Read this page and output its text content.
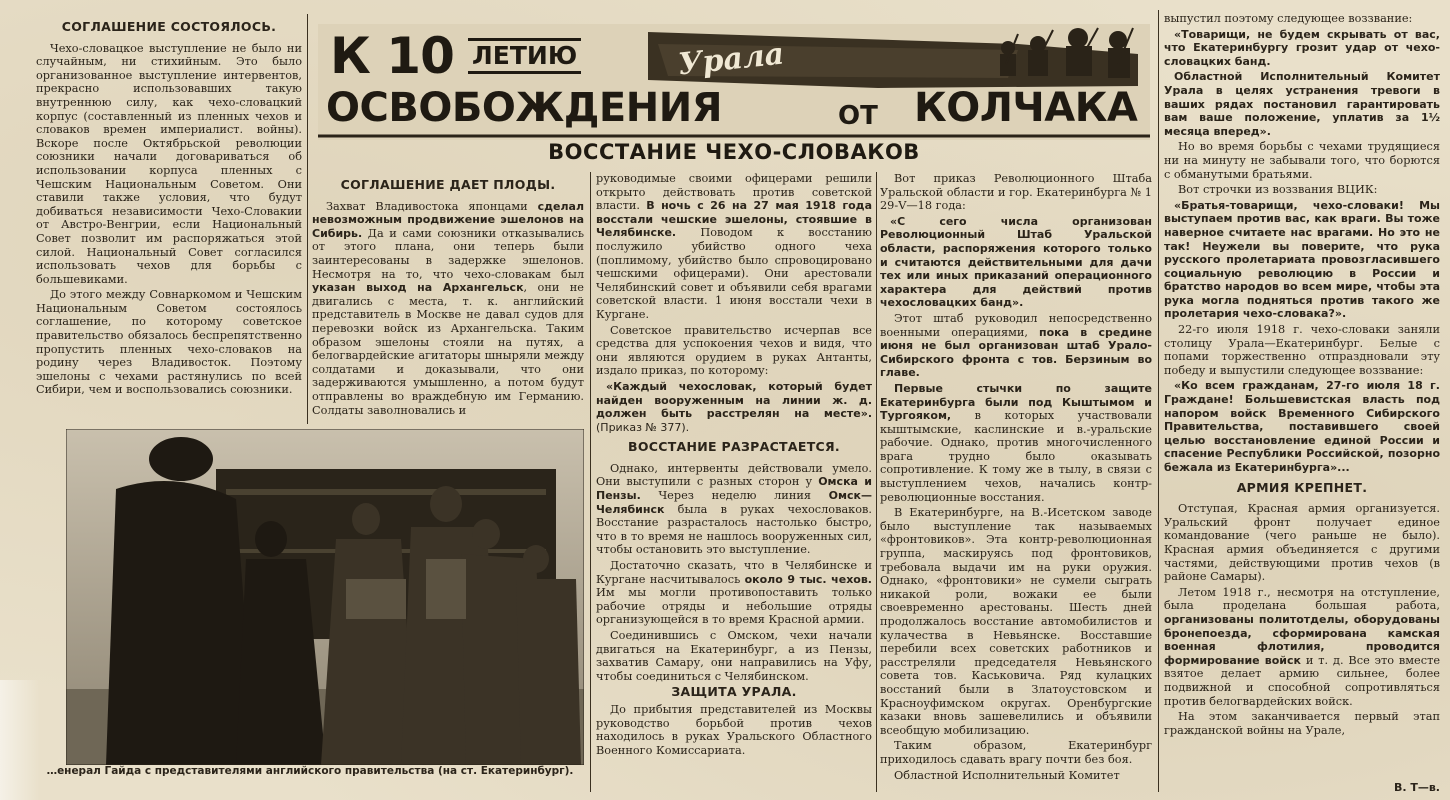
СОГЛАШЕНИЕ СОСТОЯЛОСЬ.

Чехо-словацкое выступление не было ни случайным, ни стихийным. Это было организованное выступление интервентов, прекрасно использовавших такую внутреннюю силу, как чехо-словацкий корпус (составленный из пленных чехов и словаков времен империалист. войны). Вскоре после Октябрьской революции союзники начали договариваться об использовании корпуса пленных с Чешским Национальным Советом. Они ставили также условия, что будут добиваться независимости Чехо-Словакии от Австро-Венгрии, если Национальный Совет позволит им распоряжаться этой силой. Национальный Совет согласился использовать чехов для борьбы с большевиками.

До этого между Совнаркомом и Чешским Национальным Советом состоялось соглашение, по которому советское правительство обязалось беспрепятственно пропустить пленных чехо-словаков на родину через Владивосток. Поэтому эшелоны с чехами растянулись по всей Сибири, чем и воспользовались союзники.

К 10 ЛЕТИЮ	Урала
ОСВОБОЖДЕНИЯ	ОТ КОЛЧАКА
ВОССТАНИЕ ЧЕХО-СЛОВАКОВ
СОГЛАШЕНИЕ ДАЕТ ПЛОДЫ.

Захват Владивостока японцами сделал невозможным продвижение эшелонов на Сибирь. Да и сами союзники отказывались от этого плана, они теперь были заинтересованы в задержке эшелонов. Несмотря на то, что чехо-словакам был указан выход на Архангельск, они не двигались с места, т. к. английский представитель в Москве не давал судов для перевозки войск из Архангельска. Таким образом эшелоны стояли на путях, а белогвардейские агитаторы шныряли между солдатами и доказывали, что они задерживаются умышленно, а потом будут отправлены во враждебную им Германию. Солдаты заволновались и

руководимые своими офицерами решили открыто действовать против советской власти. В ночь с 26 на 27 мая 1918 года восстали чешские эшелоны, стоявшие в Челябинске. Поводом к восстанию послужило убийство одного чеха (поплимому, убийство было спровоцировано чешскими офицерами). Они арестовали Челябинский совет и объявили себя врагами советской власти. 1 июня восстали чехи в Кургане.

Советское правительство исчерпав все средства для успокоения чехов и видя, что они являются орудием в руках Антанты, издало приказ, по которому:

«Каждый чехословак, который будет найден вооруженным на линии ж. д. должен быть расстрелян на месте». (Приказ № 377).

ВОССТАНИЕ РАЗРАСТАЕТСЯ.

Однако, интервенты действовали умело. Они выступили с разных сторон у Омска и Пензы. Через неделю линия Омск—Челябинск была в руках чехословаков. Восстание разрасталось настолько быстро, что в то время не нашлось вооруженных сил, чтобы остановить это выступление.

Достаточно сказать, что в Челябинске и Кургане насчитывалось около 9 тыс. чехов. Им мы могли противопоставить только рабочие отряды и небольшие отряды организующейся в то время Красной армии.

Соединившись с Омском, чехи начали двигаться на Екатеринбург, а из Пензы, захватив Самару, они направились на Уфу, чтобы соединиться с Челябинском.

ЗАЩИТА УРАЛА.

До прибытия представителей из Москвы руководство борьбой против чехов находилось в руках Уральского Областного Военного Комиссариата.

Вот приказ Революционного Штаба Уральской области и гор. Екатеринбурга № 1 29-V—18 года:

«С сего числа организован Революционный Штаб Уральской области, распоряжения которого только и считаются действительными для дачи тех или иных приказаний операционного характера для действий против чехословацких банд».

Этот штаб руководил непосредственно военными операциями, пока в средине июня не был организован штаб Урало-Сибирского фронта с тов. Берзиным во главе.

Первые стычки по защите Екатеринбурга были под Кыштымом и Тургояком, в которых участвовали кыштымские, каслинские и в.-уральские рабочие. Однако, против многочисленного врага трудно было оказывать сопротивление. К тому же в тылу, в связи с выступлением чехов, начались контр-революционные восстания.

В Екатеринбурге, на В.-Исетском заводе было выступление так называемых «фронтовиков». Эта контр-революционная группа, маскируясь под фронтовиков, требовала выдачи им на руки оружия. Однако, «фронтовики» не сумели сыграть никакой роли, вожаки ее были своевременно арестованы. Шесть дней продолжалось восстание автомобилистов и кулачества в Невьянске. Восставшие перебили всех советских работников и расстреляли председателя Невьянского совета тов. Каськовича. Ряд кулацких восстаний были в Златоустовском и Красноуфимском округах. Оренбургские казаки вновь зашевелились и объявили всеобщую мобилизацию.

Таким образом, Екатеринбург приходилось сдавать врагу почти без боя.

Областной Исполнительный Комитет

выпустил поэтому следующее воззвание:

«Товарищи, не будем скрывать от вас, что Екатеринбургу грозит удар от чехо-словацких банд.

Областной Исполнительный Комитет Урала в целях устранения тревоги в ваших рядах постановил гарантировать вам ваше положение, уплатив за 1½ месяца вперед».

Но во время борьбы с чехами трудящиеся ни на минуту не забывали того, что борются с обманутыми братьями.

Вот строчки из воззвания ВЦИК:

«Братья-товарищи, чехо-словаки! Мы выступаем против вас, как враги. Вы тоже наверное считаете нас врагами. Но это не так! Неужели вы поверите, что рука русского пролетариата провозгласившего социальную революцию в России и братство народов во всем мире, чтобы эта рука могла подняться против такого же пролетария чехо-словака?».

22-го июля 1918 г. чехо-словаки заняли столицу Урала—Екатеринбург. Белые с попами торжественно отпраздновали эту победу и выпустили следующее воззвание:

«Ко всем гражданам, 27-го июля 18 г. Граждане! Большевистская власть под напором войск Временного Сибирского Правительства, поставившего своей целью восстановление единой России и спасение Республики Российской, позорно бежала из Екатеринбурга»...

АРМИЯ КРЕПНЕТ.

Отступая, Красная армия организуется. Уральский фронт получает единое командование (чего раньше не было). Красная армия объединяется с другими частями, действующими против чехов (в районе Самары).

Летом 1918 г., несмотря на отступление, была проделана большая работа, организованы политотделы, оборудованы бронепоезда, сформирована камская военная флотилия, проводится формирование войск и т. д. Все это вместе взятое делает армию сильнее, более подвижной и способной сопротивляться против белогвардейских войск.

На этом заканчивается первый этап гражданской войны на Урале,

В. Т—в.
…енерал Гайда с представителями английского правительства (на ст. Екатеринбург).
